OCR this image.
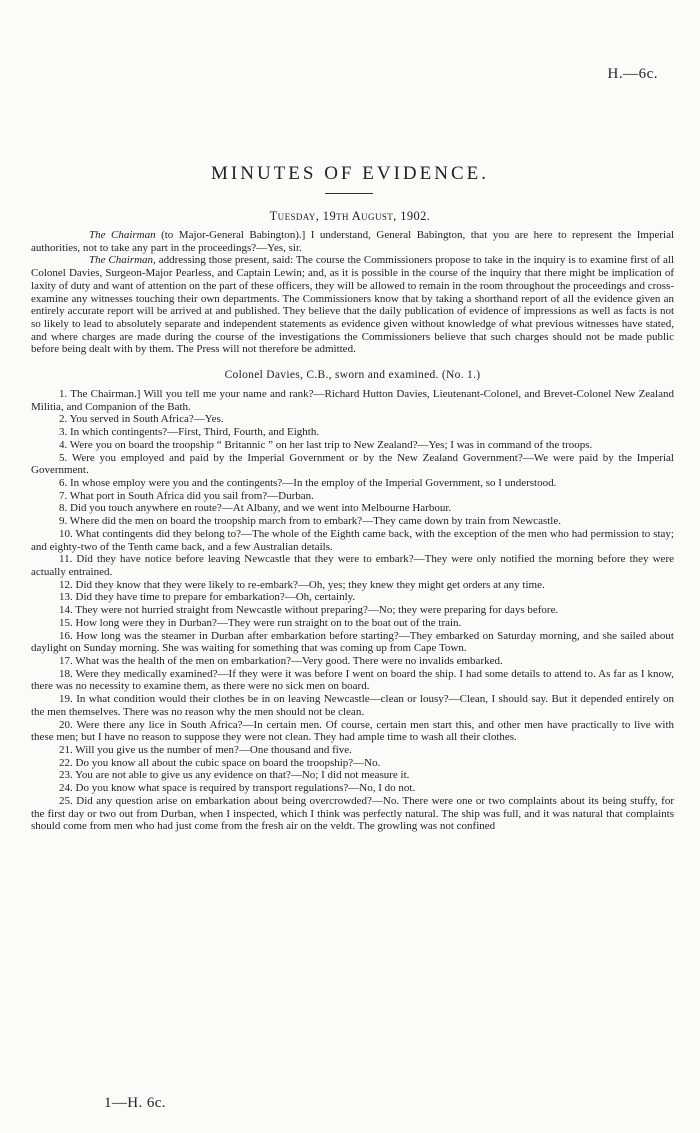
H.—6c.
MINUTES OF EVIDENCE.
Tuesday, 19th August, 1902.

The Chairman (to Major-General Babington).] I understand, General Babington, that you are here to represent the Imperial authorities, not to take any part in the proceedings?—Yes, sir.

The Chairman, addressing those present, said: The course the Commissioners propose to take in the inquiry is to examine first of all Colonel Davies, Surgeon-Major Pearless, and Captain Lewin; and, as it is possible in the course of the inquiry that there might be implication of laxity of duty and want of attention on the part of these officers, they will be allowed to remain in the room throughout the proceedings and cross-examine any witnesses touching their own departments. The Commissioners know that by taking a shorthand report of all the evidence given an entirely accurate report will be arrived at and published. They believe that the daily publication of evidence of impressions as well as facts is not so likely to lead to absolutely separate and independent statements as evidence given without knowledge of what previous witnesses have stated, and where charges are made during the course of the investigations the Commissioners believe that such charges should not be made public before being dealt with by them. The Press will not therefore be admitted.

Colonel Davies, C.B., sworn and examined. (No. 1.)

1. The Chairman.] Will you tell me your name and rank?—Richard Hutton Davies, Lieutenant-Colonel, and Brevet-Colonel New Zealand Militia, and Companion of the Bath.

2. You served in South Africa?—Yes.

3. In which contingents?—First, Third, Fourth, and Eighth.

4. Were you on board the troopship “ Britannic ” on her last trip to New Zealand?—Yes; I was in command of the troops.

5. Were you employed and paid by the Imperial Government or by the New Zealand Government?—We were paid by the Imperial Government.

6. In whose employ were you and the contingents?—In the employ of the Imperial Government, so I understood.

7. What port in South Africa did you sail from?—Durban.

8. Did you touch anywhere en route?—At Albany, and we went into Melbourne Harbour.

9. Where did the men on board the troopship march from to embark?—They came down by train from Newcastle.

10. What contingents did they belong to?—The whole of the Eighth came back, with the exception of the men who had permission to stay; and eighty-two of the Tenth came back, and a few Australian details.

11. Did they have notice before leaving Newcastle that they were to embark?—They were only notified the morning before they were actually entrained.

12. Did they know that they were likely to re-embark?—Oh, yes; they knew they might get orders at any time.

13. Did they have time to prepare for embarkation?—Oh, certainly.

14. They were not hurried straight from Newcastle without preparing?—No; they were preparing for days before.

15. How long were they in Durban?—They were run straight on to the boat out of the train.

16. How long was the steamer in Durban after embarkation before starting?—They embarked on Saturday morning, and she sailed about daylight on Sunday morning. She was waiting for something that was coming up from Cape Town.

17. What was the health of the men on embarkation?—Very good. There were no invalids embarked.

18. Were they medically examined?—If they were it was before I went on board the ship. I had some details to attend to. As far as I know, there was no necessity to examine them, as there were no sick men on board.

19. In what condition would their clothes be in on leaving Newcastle—clean or lousy?—Clean, I should say. But it depended entirely on the men themselves. There was no reason why the men should not be clean.

20. Were there any lice in South Africa?—In certain men. Of course, certain men start this, and other men have practically to live with these men; but I have no reason to suppose they were not clean. They had ample time to wash all their clothes.

21. Will you give us the number of men?—One thousand and five.

22. Do you know all about the cubic space on board the troopship?—No.

23. You are not able to give us any evidence on that?—No; I did not measure it.

24. Do you know what space is required by transport regulations?—No, I do not.

25. Did any question arise on embarkation about being overcrowded?—No. There were one or two complaints about its being stuffy, for the first day or two out from Durban, when I inspected, which I think was perfectly natural. The ship was full, and it was natural that complaints should come from men who had just come from the fresh air on the veldt. The growling was not confined

1—H. 6c.
